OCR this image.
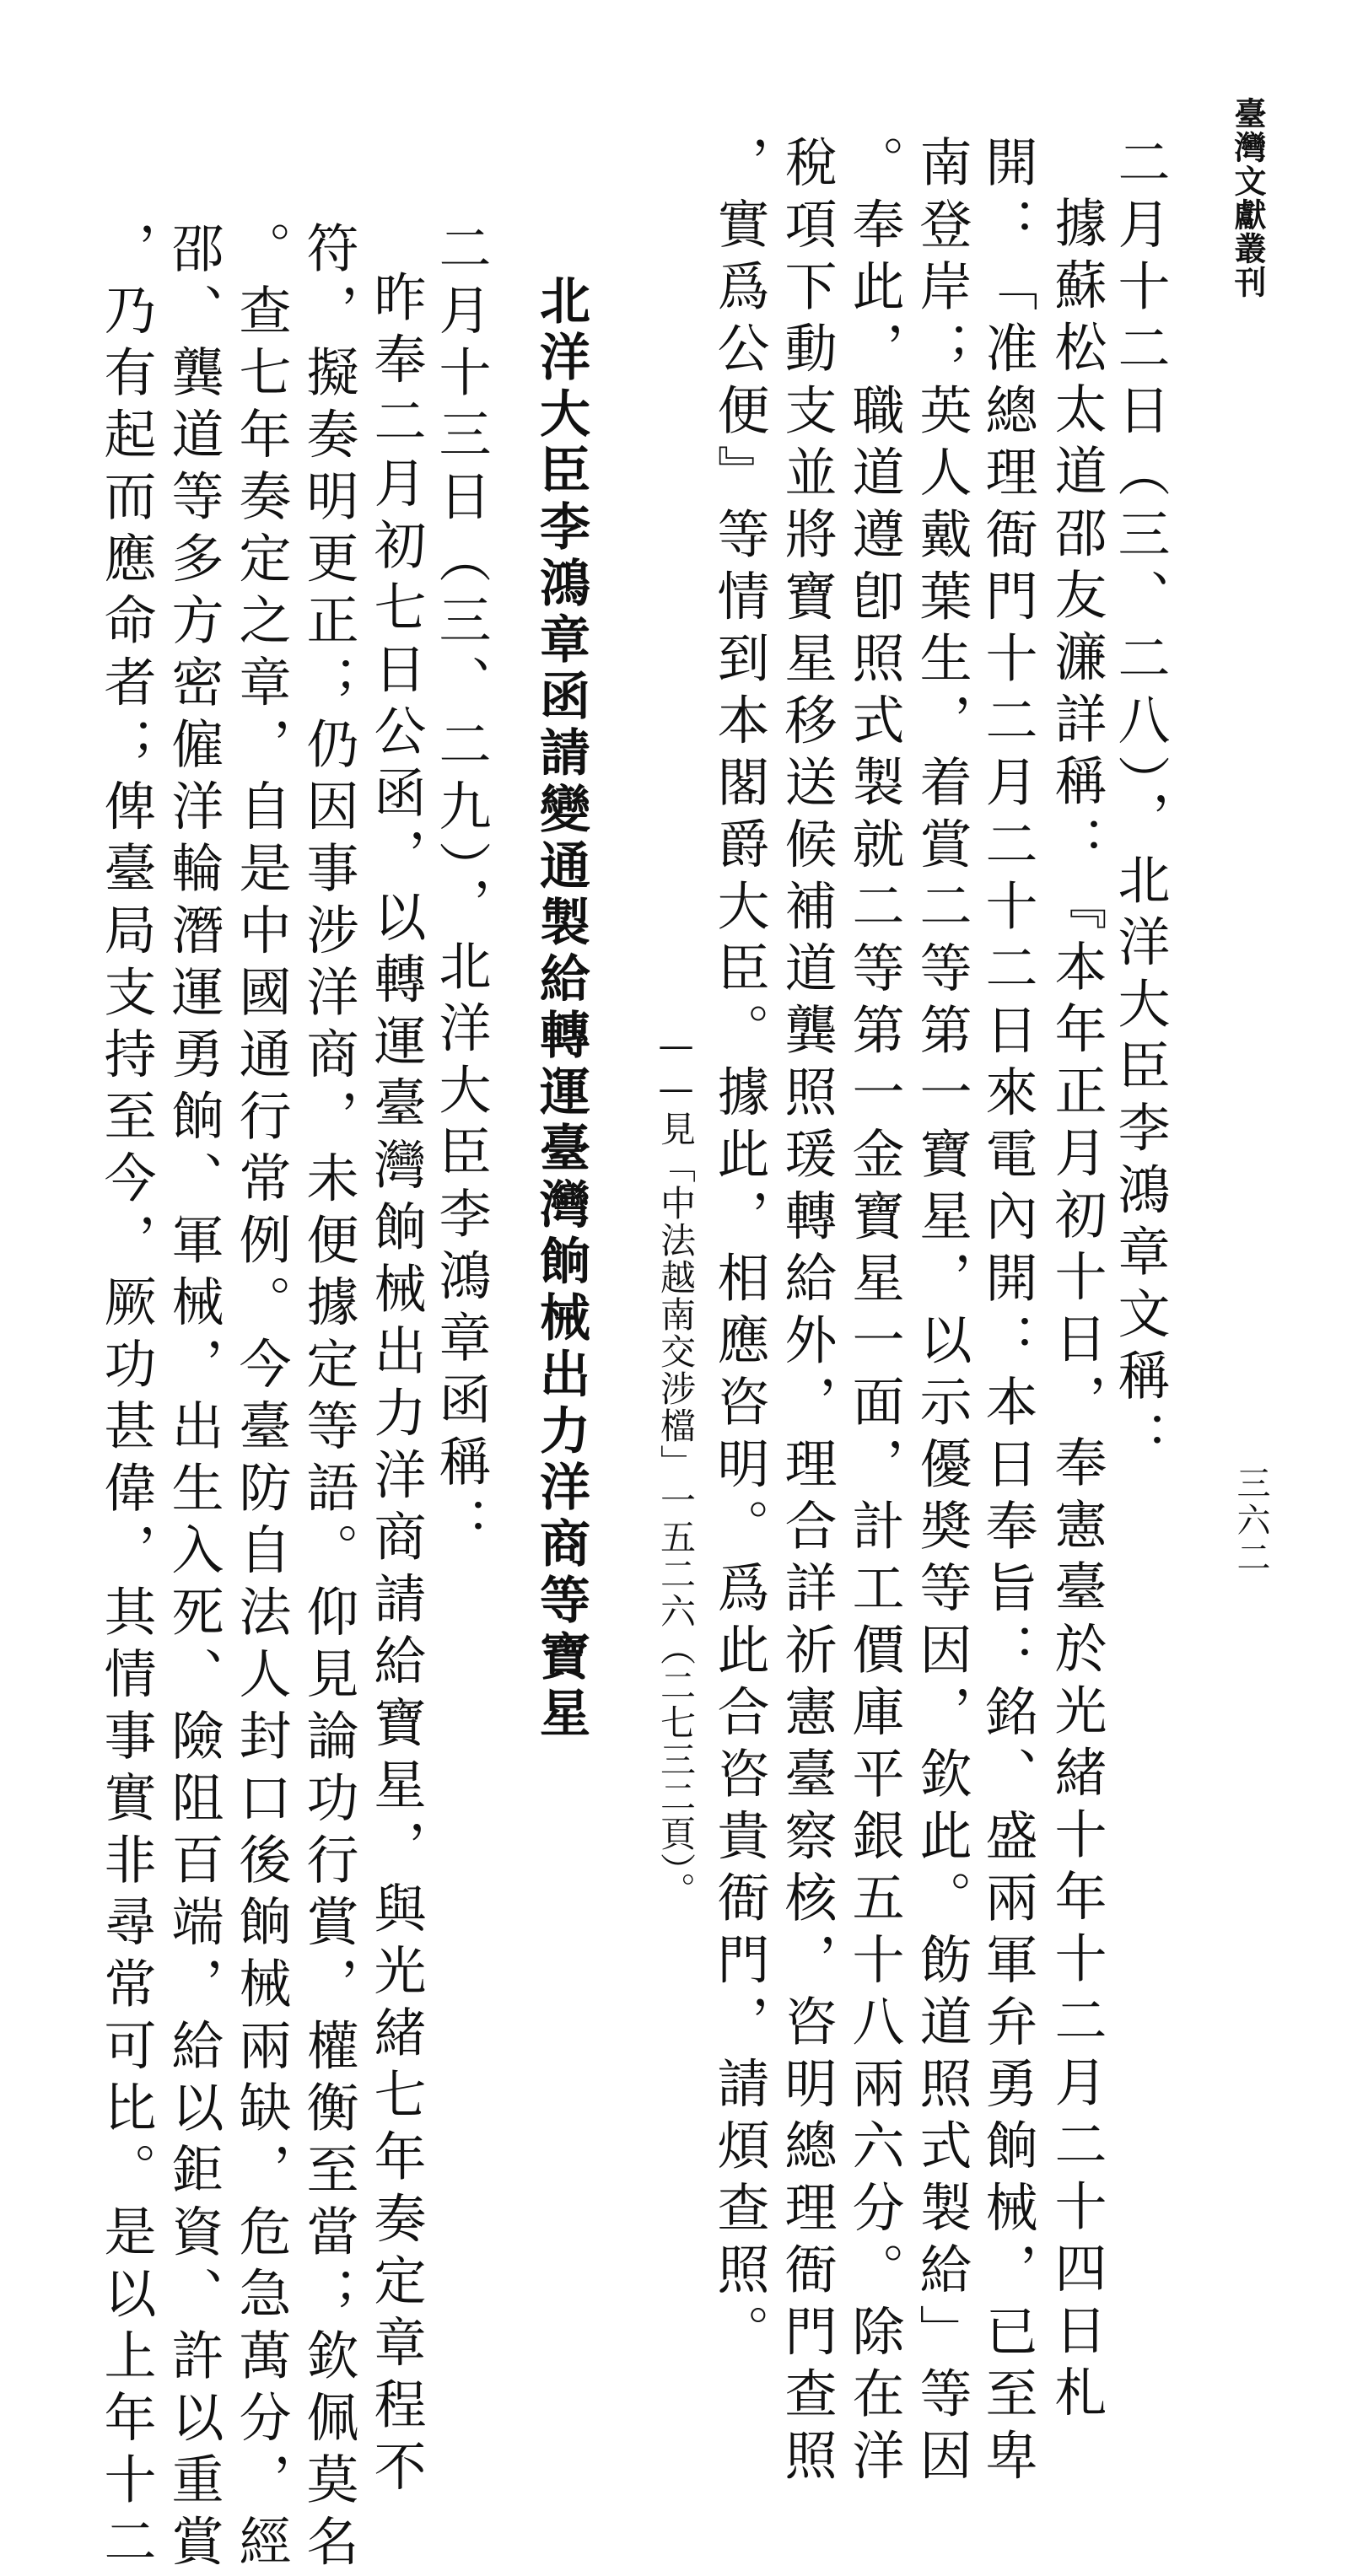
臺灣文獻叢刊
三六二
二月十二日（三、二八），北洋大臣李鴻章文稱：
據蘇松太道邵友濂詳稱：『本年正月初十日，奉憲臺於光緒十年十二月二十四日札
開：「准總理衙門十二月二十二日來電內開：本日奉旨：銘、盛兩軍弁勇餉械，已至卑
南登岸；英人戴葉生，着賞二等第一寶星，以示優奬等因，欽此。飭道照式製給」等因
。奉此，職道遵卽照式製就二等第一金寶星一面，計工價庫平銀五十八兩六分。除在洋
稅項下動支並將寶星移送候補道龔照瑗轉給外，理合詳祈憲臺察核，咨明總理衙門查照
，實爲公便』等情到本閣爵大臣。據此，相應咨明。爲此合咨貴衙門，請煩查照。
——見「中法越南交涉檔」一五二六（二七三二頁）。
北洋大臣李鴻章函請變通製給轉運臺灣餉械出力洋商等寶星
二月十三日（三、二九），北洋大臣李鴻章函稱：
昨奉二月初七日公函，以轉運臺灣餉械出力洋商請給寶星，與光緒七年奏定章程不
符，擬奏明更正；仍因事涉洋商，未便據定等語。仰見論功行賞，權衡至當；欽佩莫名
。查七年奏定之章，自是中國通行常例。今臺防自法人封口後餉械兩缺，危急萬分，經
邵、龔道等多方密僱洋輪潛運勇餉、軍械，出生入死、險阻百端，給以鉅資、許以重賞
，乃有起而應命者；俾臺局支持至今，厥功甚偉，其情事實非尋常可比。是以上年十二
